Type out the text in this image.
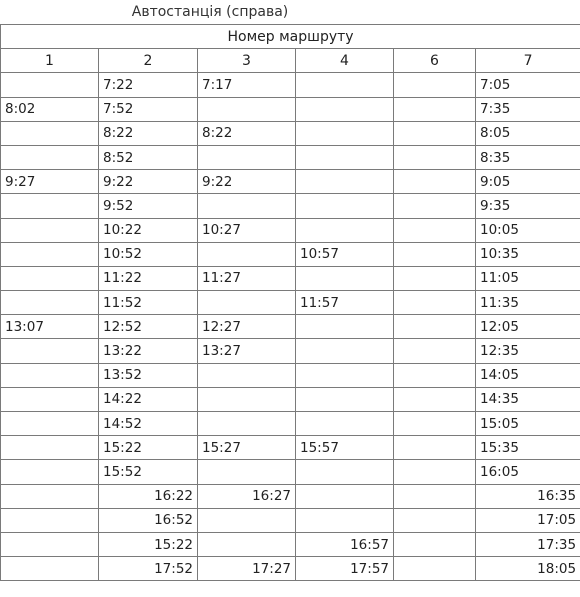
Автостанція (справа)
Номер маршруту					
1	2	3	4	6	7
	7:22	7:17			7:05
8:02	7:52				7:35
	8:22	8:22			8:05
	8:52				8:35
9:27	9:22	9:22			9:05
	9:52				9:35
	10:22	10:27			10:05
	10:52		10:57		10:35
	11:22	11:27			11:05
	11:52		11:57		11:35
13:07	12:52	12:27			12:05
	13:22	13:27			12:35
	13:52				14:05
	14:22				14:35
	14:52				15:05
	15:22	15:27	15:57		15:35
	15:52				16:05
	16:22	16:27			16:35
	16:52				17:05
	15:22		16:57		17:35
	17:52	17:27	17:57		18:05
